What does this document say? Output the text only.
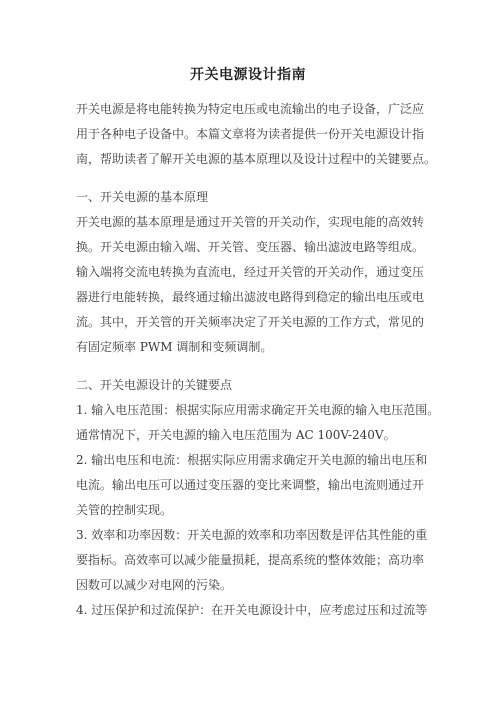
开关电源设计指南
开关电源是将电能转换为特定电压或电流输出的电子设备，广泛应
用于各种电子设备中。本篇文章将为读者提供一份开关电源设计指
南，帮助读者了解开关电源的基本原理以及设计过程中的关键要点。
一、开关电源的基本原理
开关电源的基本原理是通过开关管的开关动作，实现电能的高效转
换。开关电源由输入端、开关管、变压器、输出滤波电路等组成。
输入端将交流电转换为直流电，经过开关管的开关动作，通过变压
器进行电能转换，最终通过输出滤波电路得到稳定的输出电压或电
流。其中，开关管的开关频率决定了开关电源的工作方式，常见的
有固定频率 PWM 调制和变频调制。
二、开关电源设计的关键要点
1. 输入电压范围：根据实际应用需求确定开关电源的输入电压范围。
通常情况下，开关电源的输入电压范围为 AC 100V-240V。
2. 输出电压和电流：根据实际应用需求确定开关电源的输出电压和
电流。输出电压可以通过变压器的变比来调整，输出电流则通过开
关管的控制实现。
3. 效率和功率因数：开关电源的效率和功率因数是评估其性能的重
要指标。高效率可以减少能量损耗，提高系统的整体效能；高功率
因数可以减少对电网的污染。
4. 过压保护和过流保护：在开关电源设计中，应考虑过压和过流等
